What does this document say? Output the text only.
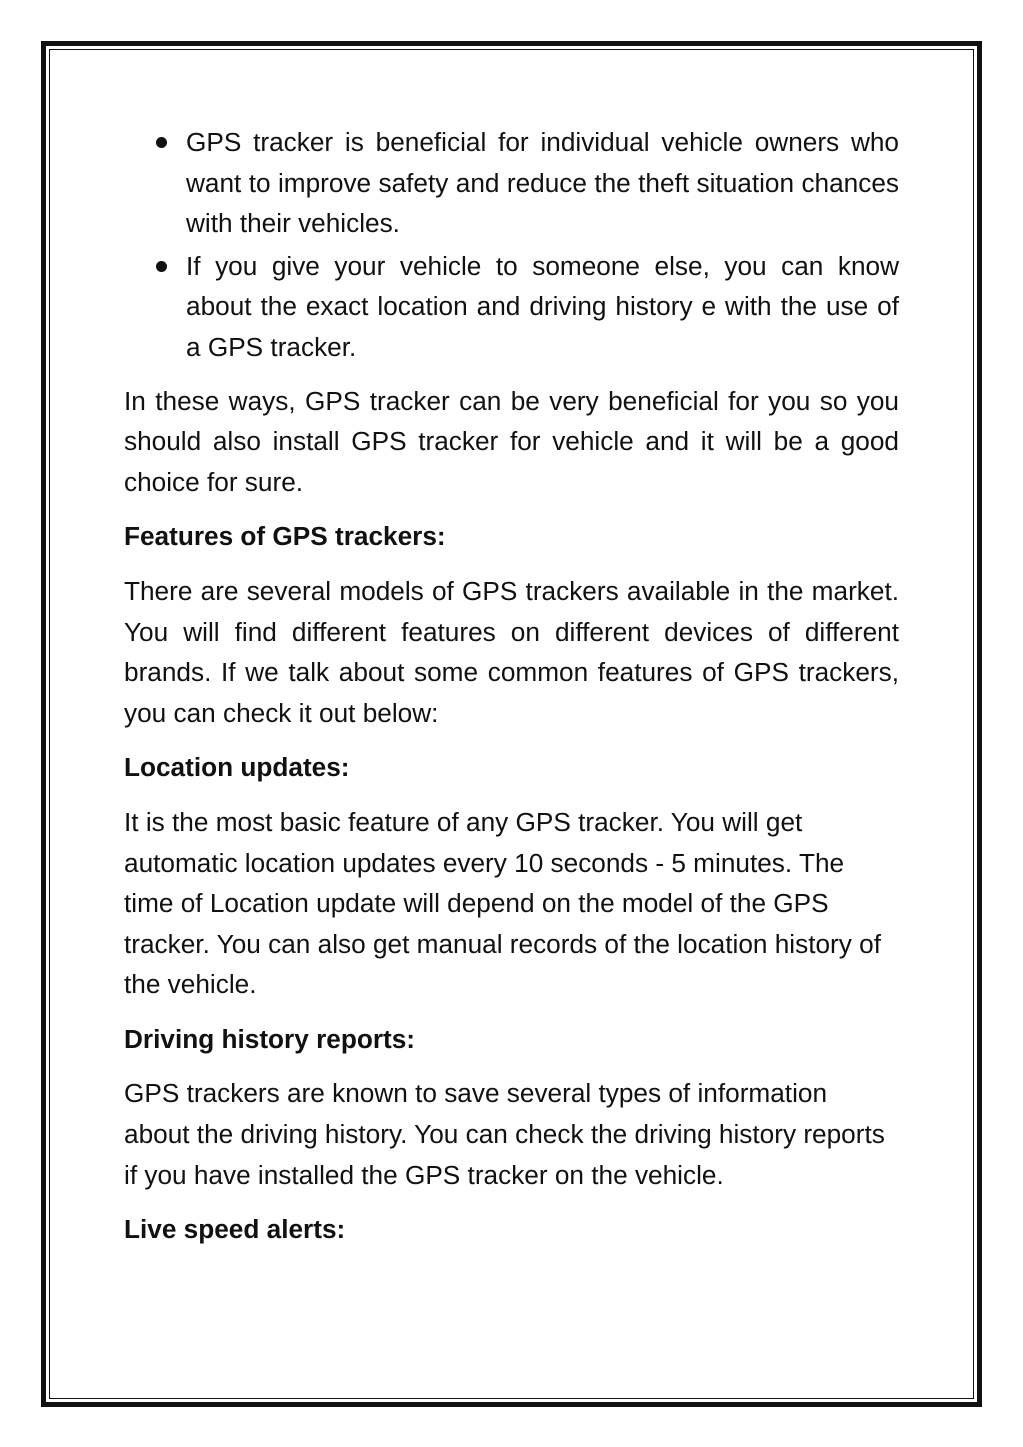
GPS tracker is beneficial for individual vehicle owners who want to improve safety and reduce the theft situation chances with their vehicles.
If you give your vehicle to someone else, you can know about the exact location and driving history e with the use of a GPS tracker.

In these ways, GPS tracker can be very beneficial for you so you should also install GPS tracker for vehicle and it will be a good choice for sure.

Features of GPS trackers:

There are several models of GPS trackers available in the market. You will find different features on different devices of different brands. If we talk about some common features of GPS trackers, you can check it out below:

Location updates:

It is the most basic feature of any GPS tracker. You will get automatic location updates every 10 seconds - 5 minutes. The time of Location update will depend on the model of the GPS tracker. You can also get manual records of the location history of the vehicle.

Driving history reports:

GPS trackers are known to save several types of information about the driving history. You can check the driving history reports if you have installed the GPS tracker on the vehicle.

Live speed alerts:
